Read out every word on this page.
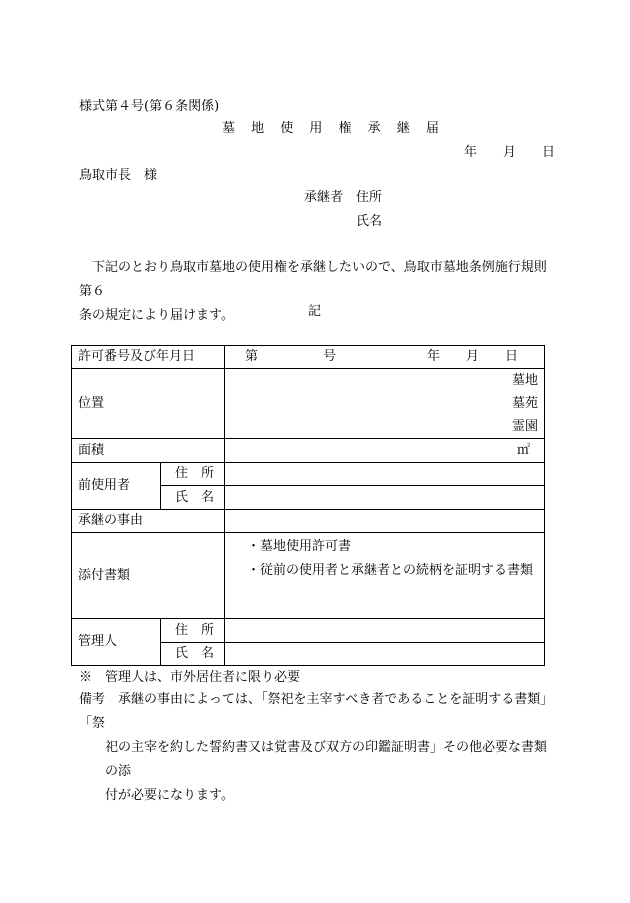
様式第４号(第６条関係)
墓 地 使 用 権 承 継 届
年　　月　　日
鳥取市長　様
承継者　住所
氏名
　下記のとおり鳥取市墓地の使用権を承継したいので、鳥取市墓地条例施行規則第６
条の規定により届けます。	記
許可番号及び年月日		第　　　　　号　　　　　　　年　　月　　日
位置		墓地
墓苑
霊園

面積		㎡
前使用者	住　所	
	氏　名	
承継の事由		
添付書類		・墓地使用許可書
・従前の使用者と承継者との続柄を証明する書類

管理人	住　所	
	氏　名	
※　管理人は、市外居住者に限り必要
備考　承継の事由によっては、「祭祀を主宰すべき者であることを証明する書類」「祭
祀の主宰を約した誓約書又は覚書及び双方の印鑑証明書」その他必要な書類の添
付が必要になります。
